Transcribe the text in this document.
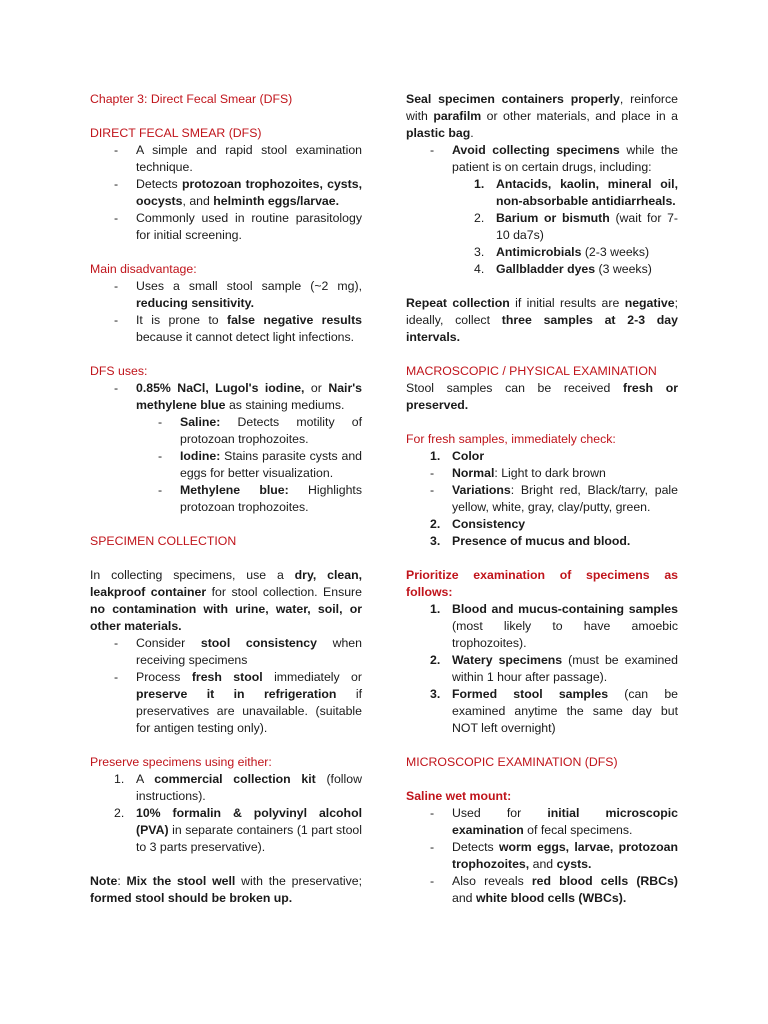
Chapter 3: Direct Fecal Smear (DFS)

DIRECT FECAL SMEAR (DFS)

- A simple and rapid stool examination technique.
- Detects protozoan trophozoites, cysts, oocysts, and helminth eggs/larvae.
- Commonly used in routine parasitology for initial screening.

Main disadvantage:

- Uses a small stool sample (~2 mg), reducing sensitivity.
- It is prone to false negative results because it cannot detect light infections.

DFS uses:

- 0.85% NaCl, Lugol's iodine, or Nair's methylene blue as staining mediums.
- Saline: Detects motility of protozoan trophozoites.
- Iodine: Stains parasite cysts and eggs for better visualization.
- Methylene blue: Highlights protozoan trophozoites.

SPECIMEN COLLECTION

In collecting specimens, use a dry, clean, leakproof container for stool collection. Ensure no contamination with urine, water, soil, or other materials.

- Consider stool consistency when receiving specimens
- Process fresh stool immediately or preserve it in refrigeration if preservatives are unavailable. (suitable for antigen testing only).

Preserve specimens using either:

1. A commercial collection kit (follow instructions).
2. 10% formalin & polyvinyl alcohol (PVA) in separate containers (1 part stool to 3 parts preservative).

Note: Mix the stool well with the preservative; formed stool should be broken up.

Seal specimen containers properly, reinforce with parafilm or other materials, and place in a plastic bag.

- Avoid collecting specimens while the patient is on certain drugs, including:
1. Antacids, kaolin, mineral oil, non-absorbable antidiarrheals.
2. Barium or bismuth (wait for 7-10 da7s)
3. Antimicrobials (2-3 weeks)
4. Gallbladder dyes (3 weeks)

Repeat collection if initial results are negative; ideally, collect three samples at 2-3 day intervals.

MACROSCOPIC / PHYSICAL EXAMINATION

Stool samples can be received fresh or preserved.

For fresh samples, immediately check:

1. Color
- Normal: Light to dark brown
- Variations: Bright red, Black/tarry, pale yellow, white, gray, clay/putty, green.
2. Consistency
3. Presence of mucus and blood.

Prioritize examination of specimens as follows:

1. Blood and mucus-containing samples (most likely to have amoebic trophozoites).
2. Watery specimens (must be examined within 1 hour after passage).
3. Formed stool samples (can be examined anytime the same day but NOT left overnight)

MICROSCOPIC EXAMINATION (DFS)

Saline wet mount:

- Used for initial microscopic examination of fecal specimens.
- Detects worm eggs, larvae, protozoan trophozoites, and cysts.
- Also reveals red blood cells (RBCs) and white blood cells (WBCs).
